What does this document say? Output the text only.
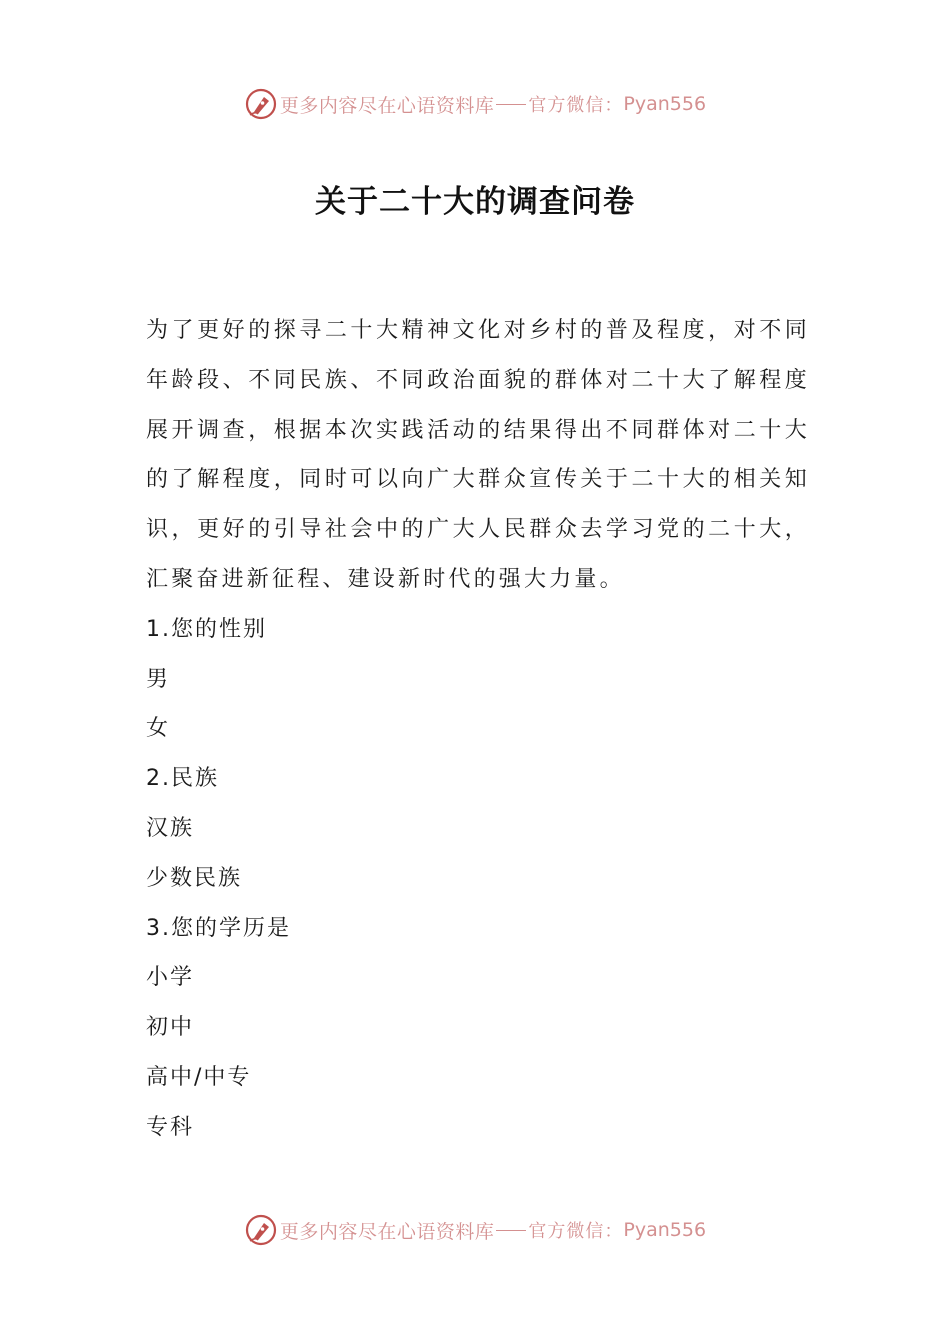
更多内容尽在心语资料库 官方微信： Pyan556
关于二十大的调查问卷

为了更好的探寻二十大精神文化对乡村的普及程度，对不同年龄段、不同民族、不同政治面貌的群体对二十大了解程度展开调查，根据本次实践活动的结果得出不同群体对二十大的了解程度，同时可以向广大群众宣传关于二十大的相关知识，更好的引导社会中的广大人民群众去学习党的二十大，汇聚奋进新征程、建设新时代的强大力量。

1.您的性别
男
女
2.民族
汉族
少数民族
3.您的学历是
小学
初中
高中/中专
专科
更多内容尽在心语资料库 官方微信： Pyan556
